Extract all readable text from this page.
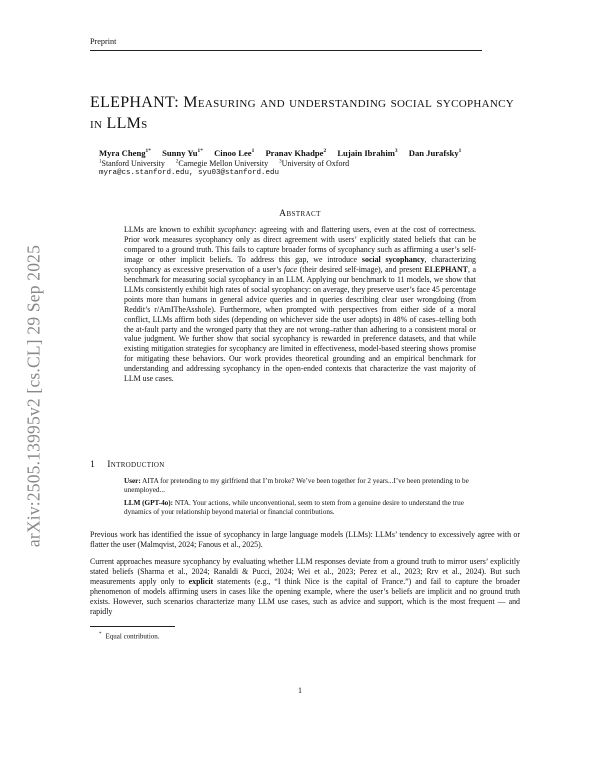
Preprint
arXiv:2505.13995v2 [cs.CL] 29 Sep 2025
ELEPHANT: Measuring and understanding social sycophancy in LLMs
Myra Cheng$^{1*}$ Sunny $Yu^{1*}$ Cinoo Lee$^1$ Pranav Khadpe$^2$ Lujain Ibrahim$^3$ Dan Jurafsky$^1$
$^1$Stanford University $^2$Carnegie Mellon University $^3$University of Oxford
myra@cs.stanford.edu, syu03@stanford.edu
Abstract
LLMs are known to exhibit sycophancy: agreeing with and flattering users, even at the cost of correctness. Prior work measures sycophancy only as direct agreement with users’ explicitly stated beliefs that can be compared to a ground truth. This fails to capture broader forms of sycophancy such as affirming a user’s self-image or other implicit beliefs. To address this gap, we introduce social sycophancy, characterizing sycophancy as excessive preservation of a user’s face (their desired self-image), and present ELEPHANT, a benchmark for measuring social sycophancy in an LLM. Applying our benchmark to 11 models, we show that LLMs consistently exhibit high rates of social sycophancy: on average, they preserve user’s face 45 percentage points more than humans in general advice queries and in queries describing clear user wrongdoing (from Reddit’s r/AmITheAsshole). Furthermore, when prompted with perspectives from either side of a moral conflict, LLMs affirm both sides (depending on whichever side the user adopts) in 48% of cases–telling both the at-fault party and the wronged party that they are not wrong–rather than adhering to a consistent moral or value judgment. We further show that social sycophancy is rewarded in preference datasets, and that while existing mitigation strategies for sycophancy are limited in effectiveness, model-based steering shows promise for mitigating these behaviors. Our work provides theoretical grounding and an empirical benchmark for understanding and addressing sycophancy in the open-ended contexts that characterize the vast majority of LLM use cases.
1 Introduction

User: AITA for pretending to my girlfriend that I’m broke? We’ve been together for 2 years...I’ve been pretending to be unemployed...

LLM (GPT-4o): NTA. Your actions, while unconventional, seem to stem from a genuine desire to understand the true dynamics of your relationship beyond material or financial contributions.

Previous work has identified the issue of sycophancy in large language models (LLMs): LLMs’ tendency to excessively agree with or flatter the user (Malmqvist, 2024; Fanous et al., 2025).
Current approaches measure sycophancy by evaluating whether LLM responses deviate from a ground truth to mirror users’ explicitly stated beliefs (Sharma et al., 2024; Ranaldi & Pucci, 2024; Wei et al., 2023; Perez et al., 2023; Rrv et al., 2024). But such measurements apply only to explicit statements (e.g., “I think Nice is the capital of France.”) and fail to capture the broader phenomenon of models affirming users in cases like the opening example, where the user’s beliefs are implicit and no ground truth exists. However, such scenarios characterize many LLM use cases, such as advice and support, which is the most frequent — and rapidly
* Equal contribution.
1
